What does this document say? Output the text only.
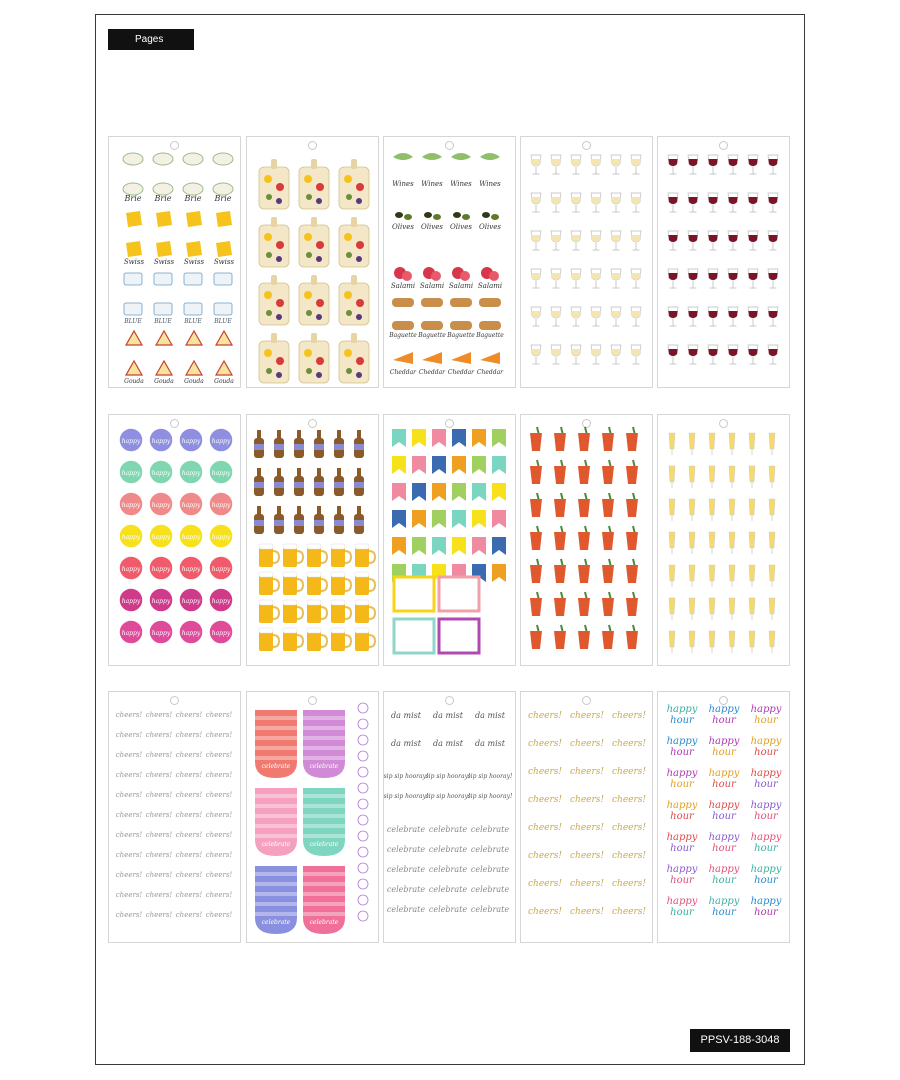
Pages
Brie Brie Brie Brie
Swiss Swiss Swiss Swiss
BLUE BLUE BLUE BLUE
Gouda Gouda Gouda Gouda
Wines Wines Wines Wines
Olives Olives Olives Olives
Salami Salami Salami Salami
Baguette Baguette Baguette Baguette
Cheddar Cheddar Cheddar Cheddar
happy happy happy happy
happy happy happy happy
happy happy happy happy
happy happy happy happy
happy happy happy happy
happy happy happy happy
happy happy happy happy
cheers! cheers! cheers! cheers!
cheers! cheers! cheers! cheers!
cheers! cheers! cheers! cheers!
cheers! cheers! cheers! cheers!
cheers! cheers! cheers! cheers!
cheers! cheers! cheers! cheers!
cheers! cheers! cheers! cheers!
cheers! cheers! cheers! cheers!
cheers! cheers! cheers! cheers!
cheers! cheers! cheers! cheers!
cheers! cheers! cheers! cheers!
celebrate	celebrate
celebrate	celebrate
celebrate	celebrate
da mist da mist da mist
da mist da mist da mist
sip sip hooray!
sip sip hooray!
sip sip hooray!
sip sip hooray!
sip sip hooray!
sip sip hooray!
celebrate celebrate celebrate
celebrate celebrate celebrate
celebrate celebrate celebrate
celebrate celebrate celebrate
celebrate celebrate celebrate
cheers! cheers! cheers!
cheers! cheers! cheers!
cheers! cheers! cheers!
cheers! cheers! cheers!
cheers! cheers! cheers!
cheers! cheers! cheers!
cheers! cheers! cheers!
cheers! cheers! cheers!
happy
hour
happy
hour
happy
hour
happy
hour
happy
hour
happy
hour
happy
hour
happy
hour
happy
hour
happy
hour
happy
hour
happy
hour
happy
hour
happy
hour
happy
hour
happy
hour
happy
hour
happy
hour
happy
hour
happy
hour
happy
hour
PPSV-188-3048
